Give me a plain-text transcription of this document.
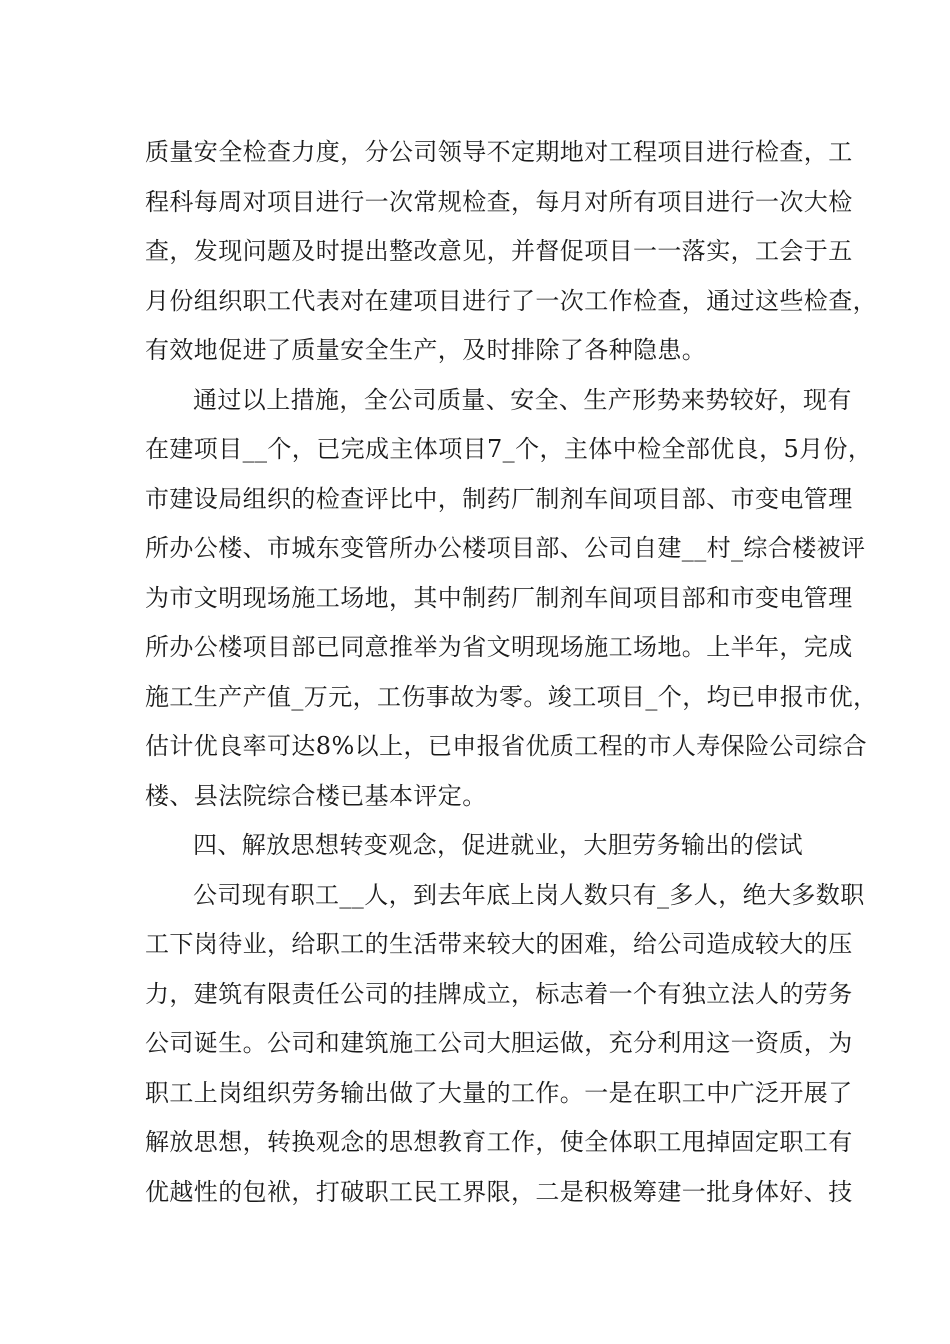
质量安全检查力度，分公司领导不定期地对工程项目进行检查，工
程科每周对项目进行一次常规检查，每月对所有项目进行一次大检
查，发现问题及时提出整改意见，并督促项目一一落实，工会于五
月份组织职工代表对在建项目进行了一次工作检查，通过这些检查，
有效地促进了质量安全生产，及时排除了各种隐患。
通过以上措施，全公司质量、安全、生产形势来势较好，现有
在建项目__个，已完成主体项目7_个，主体中检全部优良，5月份，
市建设局组织的检查评比中，制药厂制剂车间项目部、市变电管理
所办公楼、市城东变管所办公楼项目部、公司自建__村_综合楼被评
为市文明现场施工场地，其中制药厂制剂车间项目部和市变电管理
所办公楼项目部已同意推举为省文明现场施工场地。上半年，完成
施工生产产值_万元，工伤事故为零。竣工项目_个，均已申报市优，
估计优良率可达8%以上，已申报省优质工程的市人寿保险公司综合
楼、县法院综合楼已基本评定。
四、解放思想转变观念，促进就业，大胆劳务输出的偿试
公司现有职工__人，到去年底上岗人数只有_多人，绝大多数职
工下岗待业，给职工的生活带来较大的困难，给公司造成较大的压
力，建筑有限责任公司的挂牌成立，标志着一个有独立法人的劳务
公司诞生。公司和建筑施工公司大胆运做，充分利用这一资质，为
职工上岗组织劳务输出做了大量的工作。一是在职工中广泛开展了
解放思想，转换观念的思想教育工作，使全体职工甩掉固定职工有
优越性的包袱，打破职工民工界限，二是积极筹建一批身体好、技
